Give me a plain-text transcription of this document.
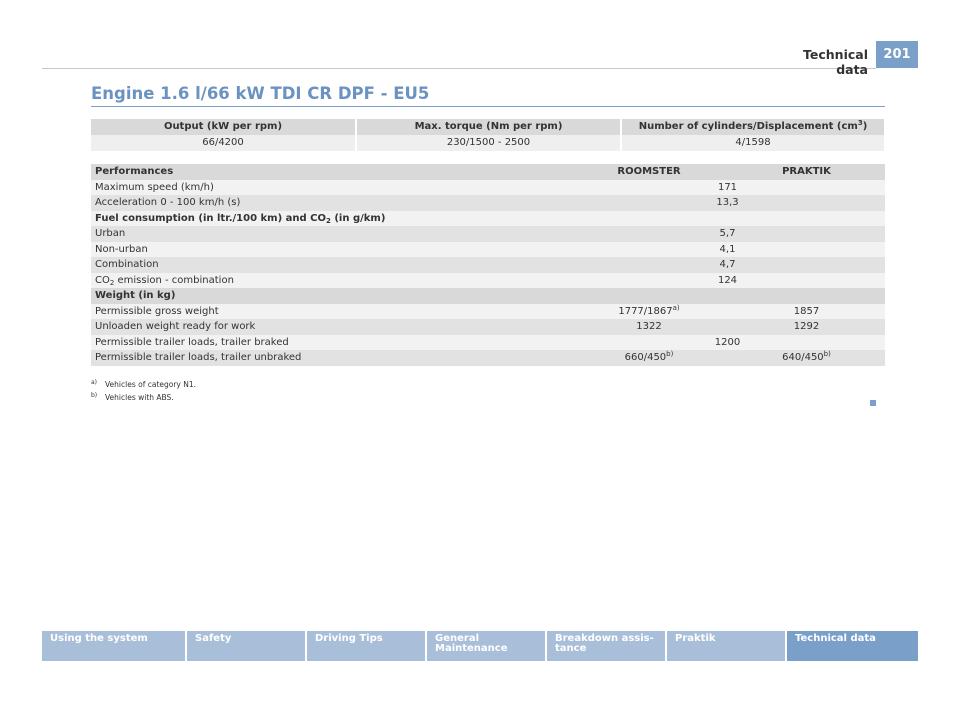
Technical data
201
Engine 1.6 l/66 kW TDI CR DPF - EU5
Output (kW per rpm)	Max. torque (Nm per rpm)	Number of cylinders/Displacement $(cm^3)$
66/4200	230/1500 - 2500	4/1598
Performances	ROOMSTER	PRAKTIK
Maximum speed (km/h)	171	
Acceleration 0 - 100 km/h (s)	13,3	
Fuel consumption (in ltr./100 km) and $CO_2$ (in g/km)		
Urban	5,7	
Non-urban	4,1	
Combination	4,7	
$CO_2$ emission - combination	124	
Weight (in kg)		
Permissible gross weight	1777/1867$^{a)}$	1857
Unloaden weight ready for work	1322	1292
Permissible trailer loads, trailer braked	1200	
Permissible trailer loads, trailer unbraked	660/450$^{b)}$	640/450$^{b)}$
a) Vehicles of category N1.
b) Vehicles with ABS.
Using the system	Safety	Driving Tips	General Maintenance
Breakdown assis-
tance
Praktik	Technical data
